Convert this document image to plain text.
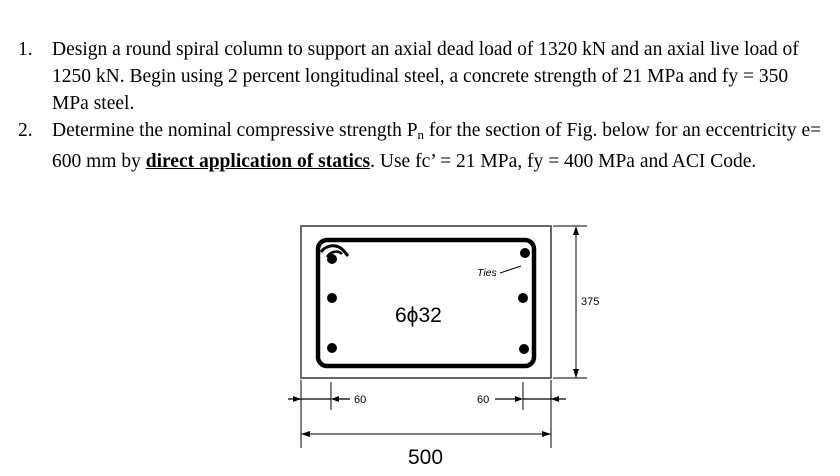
1. Design a round spiral column to support an axial dead load of 1320 kN and an axial live load of 1250 kN. Begin using 2 percent longitudinal steel, a concrete strength of 21 MPa and fy = 350 MPa steel.
2. Determine the nominal compressive strength $P_n$ for the section of Fig. below for an eccentricity e= 600 mm by direct application of statics. Use fc’ = 21 MPa, fy = 400 MPa and ACI Code.
Ties
6ϕ32
375
60	60
500
